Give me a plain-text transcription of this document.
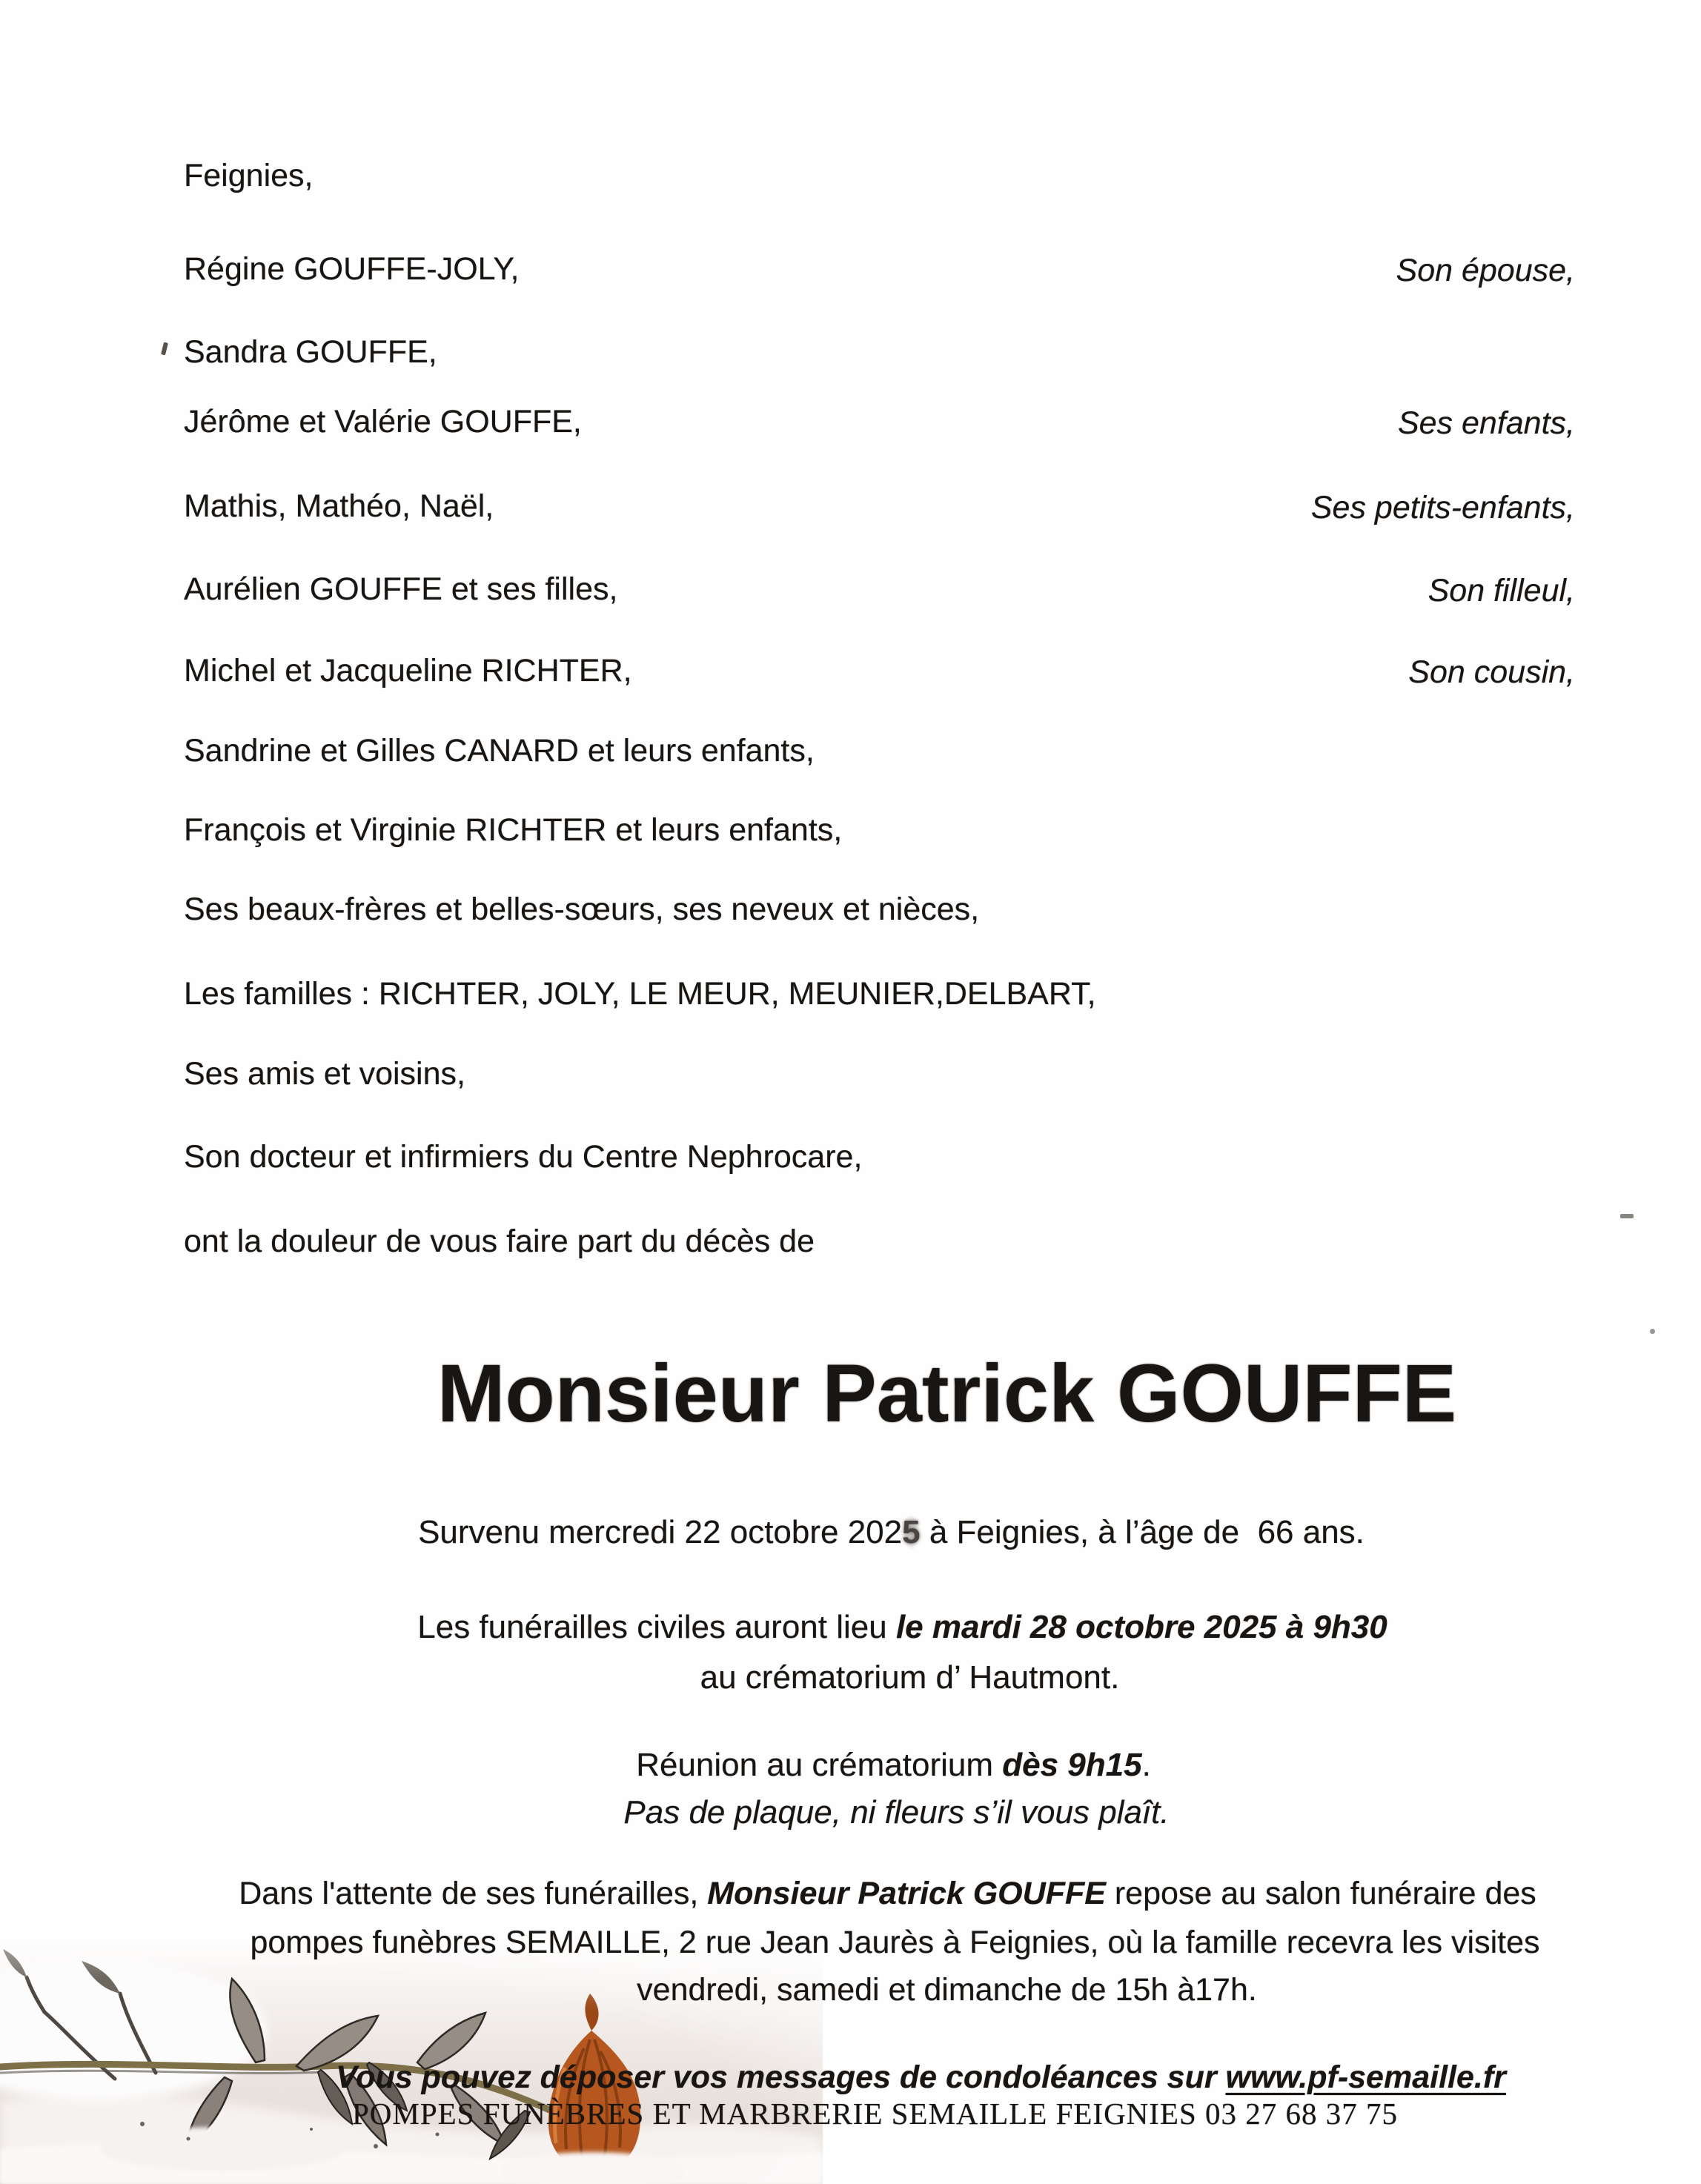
Feignies,
Régine GOUFFE-JOLY,
Sandra GOUFFE,
Jérôme et Valérie GOUFFE,
Mathis, Mathéo, Naël,
Aurélien GOUFFE et ses filles,
Michel et Jacqueline RICHTER,
Sandrine et Gilles CANARD et leurs enfants,
François et Virginie RICHTER et leurs enfants,
Ses beaux-frères et belles-sœurs, ses neveux et nièces,
Les familles : RICHTER, JOLY, LE MEUR, MEUNIER,DELBART,
Ses amis et voisins,
Son docteur et infirmiers du Centre Nephrocare,
ont la douleur de vous faire part du décès de
Son épouse,
Ses enfants,
Ses petits-enfants,
Son filleul,
Son cousin,
Monsieur Patrick GOUFFE
Survenu mercredi 22 octobre 2025 à Feignies, à l’âge de  66 ans.
Les funérailles civiles auront lieu le mardi 28 octobre 2025 à 9h30
au crématorium d’ Hautmont.
Réunion au crématorium dès 9h15.
Pas de plaque, ni fleurs s’il vous plaît.
Dans l'attente de ses funérailles, Monsieur Patrick GOUFFE repose au salon funéraire des
pompes funèbres SEMAILLE, 2 rue Jean Jaurès à Feignies, où la famille recevra les visites
vendredi, samedi et dimanche de 15h à17h.
Vous pouvez déposer vos messages de condoléances sur www.pf-semaille.fr
POMPES FUNÈBRES ET MARBRERIE SEMAILLE FEIGNIES 03 27 68 37 75
